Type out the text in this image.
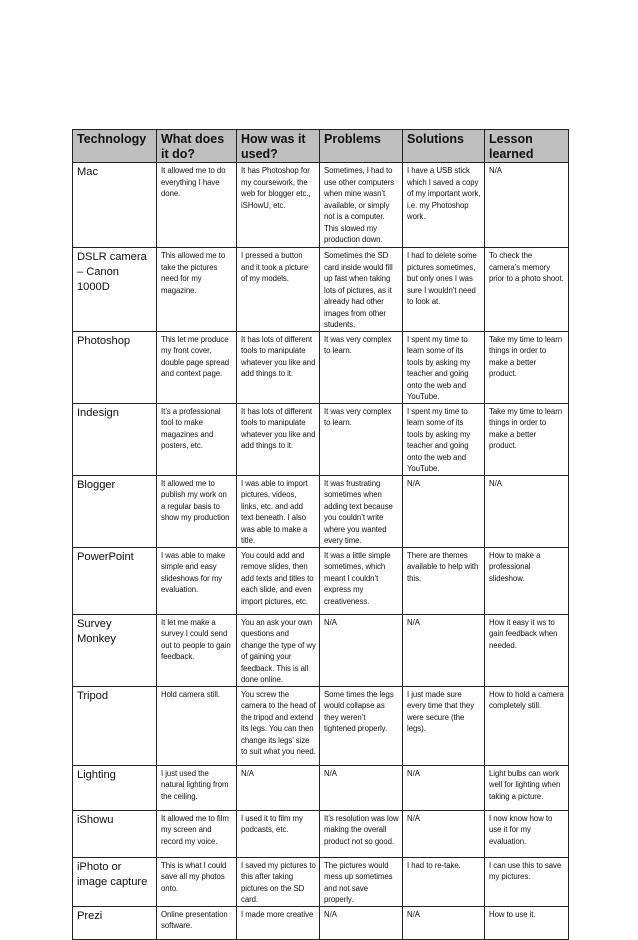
Technology	What does it do?	How was it used?	Problems	Solutions	Lesson learned
Mac	It allowed me to do everything I have done.	It has Photoshop for my coursework, the web for blogger etc., iSHowU, etc.	Sometimes, I had to use other computers when mine wasn’t available, or simply not is a computer. This slowed my production down.	I have a USB stick which I saved a copy of my important work, i.e. my Photoshop work.	N/A
DSLR camera – Canon 1000D	This allowed me to take the pictures need for my magazine.	I pressed a button and it took a picture of my models.	Sometimes the SD card inside would fill up fast when taking lots of pictures, as it already had other images from other students.	I had to delete some pictures sometimes, but only ones I was sure I wouldn’t need to look at.	To check the camera’s memory prior to a photo shoot.
Photoshop	This let me produce my front cover, double page spread and context page.	It has lots of different tools to manipulate whatever you like and add things to it.	It was very complex to learn.	I spent my time to learn some of its tools by asking my teacher and going onto the web and YouTube.	Take my time to learn things in order to make a better product.
Indesign	It’s a professional tool to make magazines and posters, etc.	It has lots of different tools to manipulate whatever you like and add things to it.	It was very complex to learn.	I spent my time to learn some of its tools by asking my teacher and going onto the web and YouTube.	Take my time to learn things in order to make a better product.
Blogger	It allowed me to publish my work on a regular basis to show my production	I was able to import pictures, videos, links, etc. and add text beneath. I also was able to make a title.	It was frustrating sometimes when adding text because you couldn’t write where you wanted every time.	N/A	N/A
PowerPoint	I was able to make simple and easy slideshows for my evaluation.	You could add and remove slides, then add texts and titles to each slide, and even import pictures, etc.	It was a little simple sometimes, which meant I couldn’t express my creativeness.	There are themes available to help with this.	How to make a professional slideshow.
Survey Monkey	It let me make a survey I could send out to people to gain feedback.	You an ask your own questions and change the type of wy of gaining your feedback. This is all done online.	N/A	N/A	How it easy it ws to gain feedback when needed.
Tripod	Hold camera still.	You screw the camera to the head of the tripod and extend its legs. You can then change its legs’ size to suit what you need.	Some times the legs would collapse as they weren’t tightened properly.	I just made sure every time that they were secure (the legs).	How to hold a camera completely still.
Lighting	I just used the natural lighting from the ceiling.	N/A	N/A	N/A	Light bulbs can work well for lighting when taking a picture.
iShowu	It allowed me to film my screen and record my voice.	I used it to film my podcasts, etc.	It’s resolution was low making the overall product not so good.	N/A	I now know how to use it for my evaluation.
iPhoto or image capture	This is what I could save all my photos onto.	I saved my pictures to this after taking pictures on the SD card.	The pictures would mess up sometimes and not save properly.	I had to re-take.	I can use this to save my pictures.
Prezi	Online presentation software.	I made more creative	N/A	N/A	How to use it.
